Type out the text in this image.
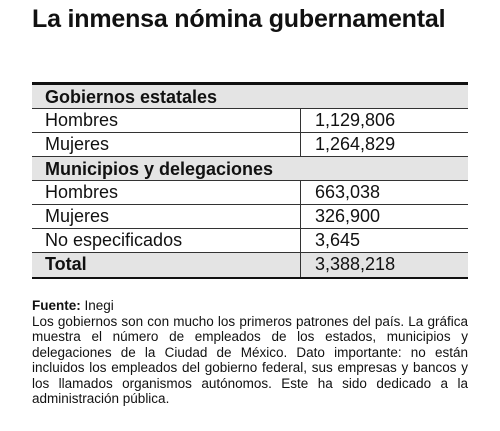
La inmensa nómina gubernamental
Gobiernos estatales
Hombres	1,129,806
Mujeres	1,264,829
Municipios y delegaciones
Hombres	663,038
Mujeres	326,900
No especificados	3,645
Total	3,388,218
Fuente: Inegi
Los gobiernos son con mucho los primeros patrones del país. La gráfica muestra el número de empleados de los estados, municipios y delegaciones de la Ciudad de México. Dato importante: no están incluidos los empleados del gobierno federal, sus empresas y bancos y los llamados organismos autónomos. Este ha sido dedicado a la administración pública.
